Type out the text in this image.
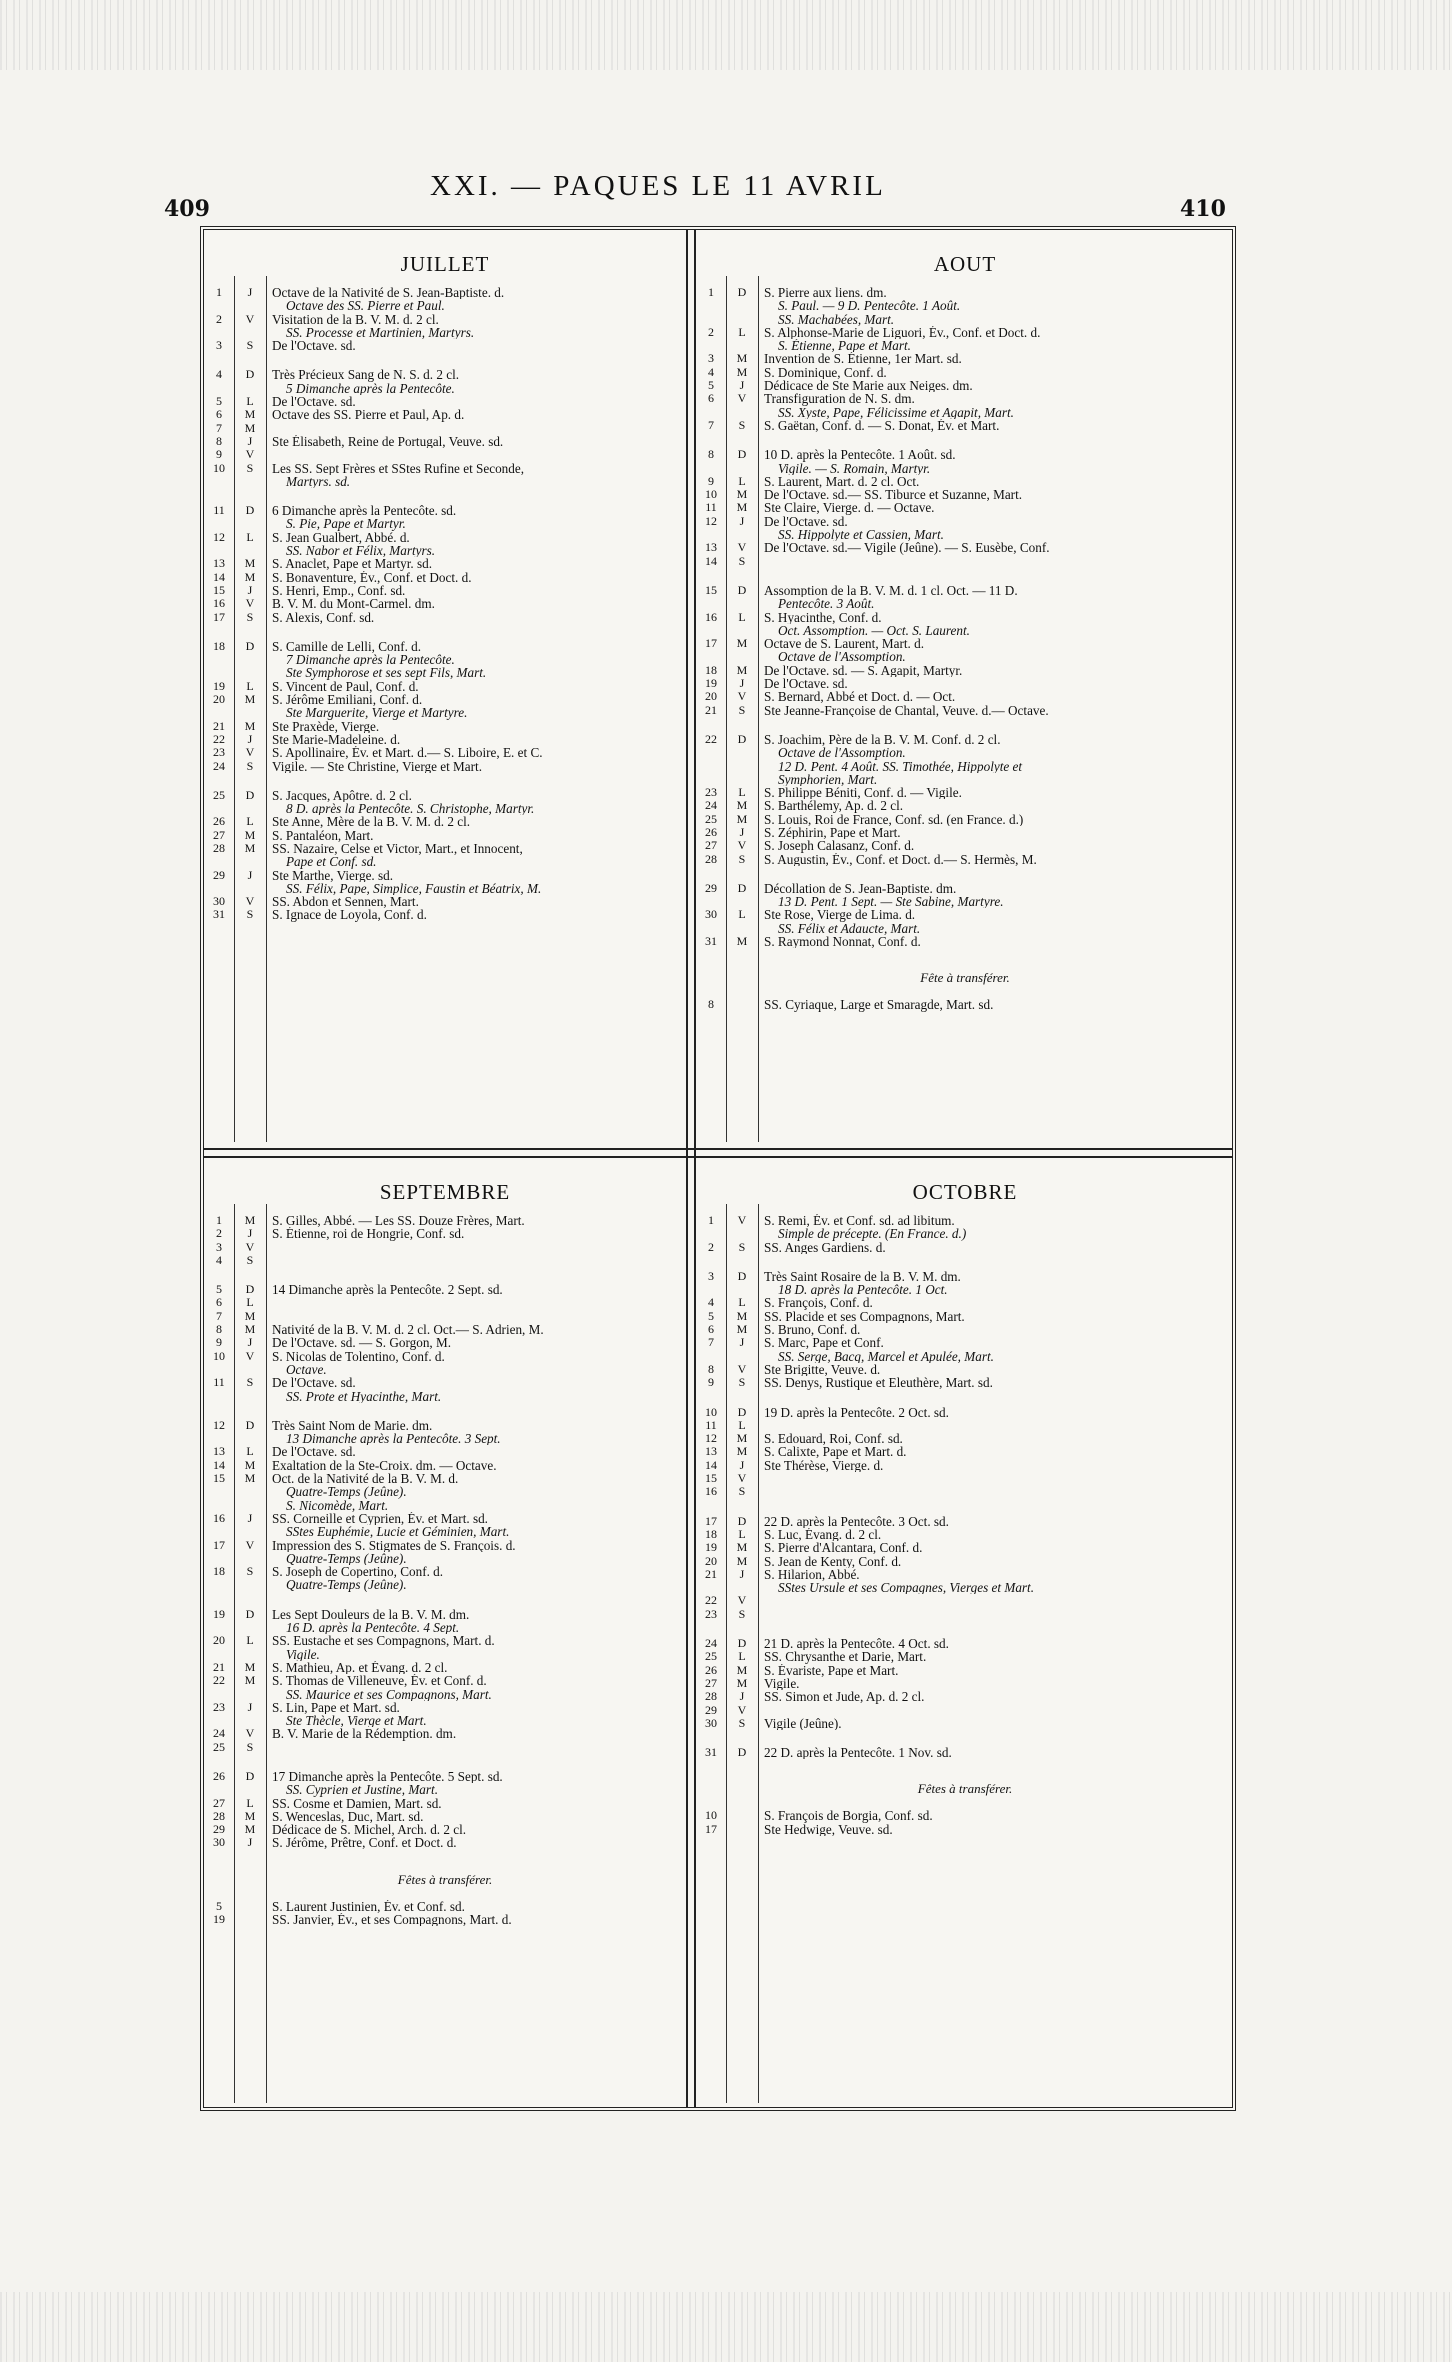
409
XXI. — PAQUES LE 11 AVRIL
410
JUILLET
1	J	Octave de la Nativité de S. Jean-Baptiste. d.
Octave des SS. Pierre et Paul.
2	V	Visitation de la B. V. M. d. 2 cl.
SS. Processe et Martinien, Martyrs.
3	S	De l'Octave. sd.
4	D	Très Précieux Sang de N. S. d. 2 cl.
5 Dimanche après la Pentecôte.
5	L	De l'Octave. sd.
6	M	Octave des SS. Pierre et Paul, Ap. d.
7	M

8	J	Ste Élisabeth, Reine de Portugal, Veuve. sd.
9	V

10	S	Les SS. Sept Frères et SStes Rufine et Seconde,
Martyrs. sd.
11	D	6 Dimanche après la Pentecôte. sd.
S. Pie, Pape et Martyr.
12	L	S. Jean Gualbert, Abbé. d.
SS. Nabor et Félix, Martyrs.
13	M	S. Anaclet, Pape et Martyr. sd.
14	M	S. Bonaventure, Év., Conf. et Doct. d.
15	J	S. Henri, Emp., Conf. sd.
16	V	B. V. M. du Mont-Carmel. dm.
17	S	S. Alexis, Conf. sd.
18	D	S. Camille de Lelli, Conf. d.
7 Dimanche après la Pentecôte.
Ste Symphorose et ses sept Fils, Mart.
19	L	S. Vincent de Paul, Conf. d.
20	M	S. Jérôme Emiliani, Conf. d.
Ste Marguerite, Vierge et Martyre.
21	M	Ste Praxède, Vierge.
22	J	Ste Marie-Madeleine. d.
23	V	S. Apollinaire, Év. et Mart. d.— S. Liboire, E. et C.
24	S	Vigile. — Ste Christine, Vierge et Mart.
25	D	S. Jacques, Apôtre. d. 2 cl.
8 D. après la Pentecôte. S. Christophe, Martyr.
26	L	Ste Anne, Mère de la B. V. M. d. 2 cl.
27	M	S. Pantaléon, Mart.
28	M	SS. Nazaire, Celse et Victor, Mart., et Innocent,
Pape et Conf. sd.
29	J	Ste Marthe, Vierge. sd.
SS. Félix, Pape, Simplice, Faustin et Béatrix, M.
30	V	SS. Abdon et Sennen, Mart.
31	S	S. Ignace de Loyola, Conf. d.
AOUT
1	D	S. Pierre aux liens. dm.
S. Paul. — 9 D. Pentecôte. 1 Août.
SS. Machabées, Mart.
2	L	S. Alphonse-Marie de Liguori, Év., Conf. et Doct. d.
S. Étienne, Pape et Mart.
3	M	Invention de S. Étienne, 1er Mart. sd.
4	M	S. Dominique, Conf. d.
5	J	Dédicace de Ste Marie aux Neiges. dm.
6	V	Transfiguration de N. S. dm.
SS. Xyste, Pape, Félicissime et Agapit, Mart.
7	S	S. Gaëtan, Conf. d. — S. Donat, Év. et Mart.
8	D	10 D. après la Pentecôte. 1 Août. sd.
Vigile. — S. Romain, Martyr.
9	L	S. Laurent, Mart. d. 2 cl. Oct.
10	M	De l'Octave. sd.— SS. Tiburce et Suzanne, Mart.
11	M	Ste Claire, Vierge. d. — Octave.
12	J	De l'Octave. sd.
SS. Hippolyte et Cassien, Mart.
13	V	De l'Octave. sd.— Vigile (Jeûne). — S. Eusèbe, Conf.
14	S

15	D	Assomption de la B. V. M. d. 1 cl. Oct. — 11 D.
Pentecôte. 3 Août.
16	L	S. Hyacinthe, Conf. d.
Oct. Assomption. — Oct. S. Laurent.
17	M	Octave de S. Laurent, Mart. d.
Octave de l'Assomption.
18	M	De l'Octave. sd. — S. Agapit, Martyr.
19	J	De l'Octave. sd.
20	V	S. Bernard, Abbé et Doct. d. — Oct.
21	S	Ste Jeanne-Françoise de Chantal, Veuve. d.— Octave.
22	D	S. Joachim, Père de la B. V. M. Conf. d. 2 cl.
Octave de l'Assomption.
12 D. Pent. 4 Août. SS. Timothée, Hippolyte et
Symphorien, Mart.
23	L	S. Philippe Béniti, Conf. d. — Vigile.
24	M	S. Barthélemy, Ap. d. 2 cl.
25	M	S. Louis, Roi de France, Conf. sd. (en France. d.)
26	J	S. Zéphirin, Pape et Mart.
27	V	S. Joseph Calasanz, Conf. d.
28	S	S. Augustin, Év., Conf. et Doct. d.— S. Hermès, M.
29	D	Décollation de S. Jean-Baptiste. dm.
13 D. Pent. 1 Sept. — Ste Sabine, Martyre.
30	L	Ste Rose, Vierge de Lima. d.
SS. Félix et Adaucte, Mart.
31	M	S. Raymond Nonnat, Conf. d.
Fête à transférer.
8	SS. Cyriaque, Large et Smaragde, Mart. sd.
SEPTEMBRE
1	M	S. Gilles, Abbé. — Les SS. Douze Frères, Mart.
2	J	S. Étienne, roi de Hongrie, Conf. sd.
3	V

4	S

5	D	14 Dimanche après la Pentecôte. 2 Sept. sd.
6	L

7	M

8	M	Nativité de la B. V. M. d. 2 cl. Oct.— S. Adrien, M.
9	J	De l'Octave. sd. — S. Gorgon, M.
10	V	S. Nicolas de Tolentino, Conf. d.
Octave.
11	S	De l'Octave. sd.
SS. Prote et Hyacinthe, Mart.
12	D	Très Saint Nom de Marie. dm.
13 Dimanche après la Pentecôte. 3 Sept.
13	L	De l'Octave. sd.
14	M	Exaltation de la Ste-Croix. dm. — Octave.
15	M	Oct. de la Nativité de la B. V. M. d.
Quatre-Temps (Jeûne).
S. Nicomède, Mart.
16	J	SS. Corneille et Cyprien, Év. et Mart. sd.
SStes Euphémie, Lucie et Géminien, Mart.
17	V	Impression des S. Stigmates de S. François. d.
Quatre-Temps (Jeûne).
18	S	S. Joseph de Copertino, Conf. d.
Quatre-Temps (Jeûne).
19	D	Les Sept Douleurs de la B. V. M. dm.
16 D. après la Pentecôte. 4 Sept.
20	L	SS. Eustache et ses Compagnons, Mart. d.
Vigile.
21	M	S. Mathieu, Ap. et Évang. d. 2 cl.
22	M	S. Thomas de Villeneuve, Év. et Conf. d.
SS. Maurice et ses Compagnons, Mart.
23	J	S. Lin, Pape et Mart. sd.
Ste Thècle, Vierge et Mart.
24	V	B. V. Marie de la Rédemption. dm.
25	S

26	D	17 Dimanche après la Pentecôte. 5 Sept. sd.
SS. Cyprien et Justine, Mart.
27	L	SS. Cosme et Damien, Mart. sd.
28	M	S. Wenceslas, Duc, Mart. sd.
29	M	Dédicace de S. Michel, Arch. d. 2 cl.
30	J	S. Jérôme, Prêtre, Conf. et Doct. d.
Fêtes à transférer.
5	S. Laurent Justinien, Év. et Conf. sd.
19	SS. Janvier, Év., et ses Compagnons, Mart. d.
OCTOBRE
1	V	S. Remi, Év. et Conf. sd. ad libitum.
Simple de précepte. (En France. d.)
2	S	SS. Anges Gardiens. d.
3	D	Très Saint Rosaire de la B. V. M. dm.
18 D. après la Pentecôte. 1 Oct.
4	L	S. François, Conf. d.
5	M	SS. Placide et ses Compagnons, Mart.
6	M	S. Bruno, Conf. d.
7	J	S. Marc, Pape et Conf.
SS. Serge, Bacq, Marcel et Apulée, Mart.
8	V	Ste Brigitte, Veuve. d.
9	S	SS. Denys, Rustique et Eleuthère, Mart. sd.
10	D	19 D. après la Pentecôte. 2 Oct. sd.
11	L

12	M	S. Edouard, Roi, Conf. sd.
13	M	S. Calixte, Pape et Mart. d.
14	J	Ste Thérèse, Vierge. d.
15	V

16	S

17	D	22 D. après la Pentecôte. 3 Oct. sd.
18	L	S. Luc, Évang. d. 2 cl.
19	M	S. Pierre d'Alcantara, Conf. d.
20	M	S. Jean de Kenty, Conf. d.
21	J	S. Hilarion, Abbé.
SStes Ursule et ses Compagnes, Vierges et Mart.
22	V

23	S

24	D	21 D. après la Pentecôte. 4 Oct. sd.
25	L	SS. Chrysanthe et Darie, Mart.
26	M	S. Évariste, Pape et Mart.
27	M	Vigile.
28	J	SS. Simon et Jude, Ap. d. 2 cl.
29	V

30	S	Vigile (Jeûne).
31	D	22 D. après la Pentecôte. 1 Nov. sd.
Fêtes à transférer.
10	S. François de Borgia, Conf. sd.
17	Ste Hedwige, Veuve. sd.
